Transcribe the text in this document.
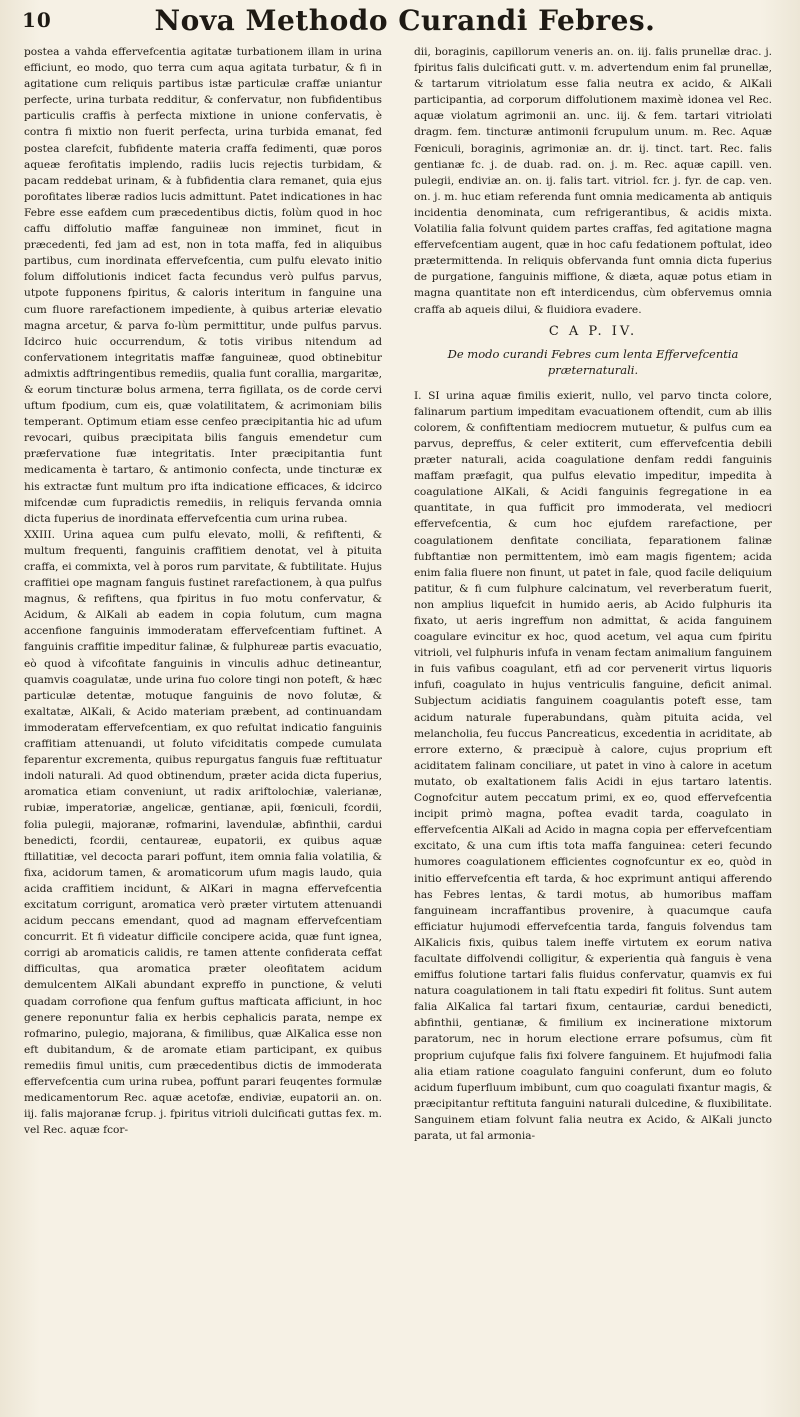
10	Nova Methodo Curandi Febres.

postea a vahda effervefcentia agitatæ turbationem illam in urina efficiunt, eo modo, quo terra cum aqua agitata turbatur, & fi in agitatione cum reliquis partibus istæ particulæ craffæ uniantur perfecte, urina turbata redditur, & confervatur, non fubfidentibus particulis craffis à perfecta mixtione in unione confervatis, è contra fi mixtio non fuerit perfecta, urina turbida emanat, fed postea clarefcit, fubfidente materia craffa fedimenti, quæ poros aqueæ ferofitatis implendo, radiis lucis rejectis turbidam, & pacam reddebat urinam, & à fubfidentia clara remanet, quia ejus porofitates liberæ radios lucis admittunt. Patet indicationes in hac Febre esse eafdem cum præcedentibus dictis, folùm quod in hoc caffu diffolutio maffæ fanguineæ non imminet, ficut in præcedenti, fed jam ad est, non in tota maffa, fed in aliquibus partibus, cum inordinata effervefcentia, cum pulfu elevato initio folum diffolutionis indicet facta fecundus verò pulfus parvus, utpote fupponens fpiritus, & caloris interitum in fanguine una cum fluore rarefactionem impediente, à quibus arteriæ elevatio magna arcetur, & parva fo-lùm permittitur, unde pulfus parvus. Idcirco huic occurrendum, & totis viribus nitendum ad confervationem integritatis maffæ fanguineæ, quod obtinebitur admixtis adftringentibus remediis, qualia funt corallia, margaritæ, & eorum tincturæ bolus armena, terra figillata, os de corde cervi uftum fpodium, cum eis, quæ volatilitatem, & acrimoniam bilis temperant. Optimum etiam esse cenfeo præcipitantia hic ad ufum revocari, quibus præcipitata bilis fanguis emendetur cum præfervatione fuæ integritatis. Inter præcipitantia funt medicamenta è tartaro, & antimonio confecta, unde tincturæ ex his extractæ funt multum pro ifta indicatione efficaces, & idcirco mifcendæ cum fupradictis remediis, in reliquis fervanda omnia dicta fuperius de inordinata effervefcentia cum urina rubea.

XXIII. Urina aquea cum pulfu elevato, molli, & refiftenti, & multum frequenti, fanguinis craffitiem denotat, vel à pituita craffa, ei commixta, vel à poros rum parvitate, & fubtilitate. Hujus craffitiei ope magnam fanguis fustinet rarefactionem, à qua pulfus magnus, & refiftens, qua fpiritus in fuo motu confervatur, & Acidum, & AlKali ab eadem in copia folutum, cum magna accenfione fanguinis immoderatam effervefcentiam fuftinet. A fanguinis craffitie impeditur falinæ, & fulphureæ partis evacuatio, eò quod à vifcofitate fanguinis in vinculis adhuc detineantur, quamvis coagulatæ, unde urina fuo colore tingi non poteft, & hæc particulæ detentæ, motuque fanguinis de novo folutæ, & exaltatæ, AlKali, & Acido materiam præbent, ad continuandam immoderatam effervefcentiam, ex quo refultat indicatio fanguinis craffitiam attenuandi, ut foluto vifciditatis compede cumulata feparentur excrementa, quibus repurgatus fanguis fuæ reftituatur indoli naturali. Ad quod obtinendum, præter acida dicta fuperius, aromatica etiam conveniunt, ut radix ariftolochiæ, valerianæ, rubiæ, imperatoriæ, angelicæ, gentianæ, apii, fœniculi, fcordii, folia pulegii, majoranæ, rofmarini, lavendulæ, abfinthii, cardui benedicti, fcordii, centaureæ, eupatorii, ex quibus aquæ ftillatitiæ, vel decocta parari poffunt, item omnia falia volatilia, & fixa, acidorum tamen, & aromaticorum ufum magis laudo, quia acida craffitiem incidunt, & AlKari in magna effervefcentia excitatum corrigunt, aromatica verò præter virtutem attenuandi acidum peccans emendant, quod ad magnam effervefcentiam concurrit. Et fi videatur difficile concipere acida, quæ funt ignea, corrigi ab aromaticis calidis, re tamen attente confiderata ceffat difficultas, qua aromatica præter oleofitatem acidum demulcentem AlKali abundant expreffo in punctione, & veluti quadam corrofione qua fenfum guftus mafticata afficiunt, in hoc genere reponuntur falia ex herbis cephalicis parata, nempe ex rofmarino, pulegio, majorana, & fimilibus, quæ AlKalica esse non eft dubitandum, & de aromate etiam participant, ex quibus remediis fimul unitis, cum præcedentibus dictis de immoderata effervefcentia cum urina rubea, poffunt parari feuqentes formulæ medicamentorum Rec. aquæ acetofæ, endiviæ, eupatorii an. on. iij. falis majoranæ fcrup. j. fpiritus vitrioli dulcificati guttas fex. m. vel Rec. aquæ fcor-

dii, boraginis, capillorum veneris an. on. iij. falis prunellæ drac. j. fpiritus falis dulcificati gutt. v. m. advertendum enim fal prunellæ, & tartarum vitriolatum esse falia neutra ex acido, & AlKali participantia, ad corporum diffolutionem maximè idonea vel Rec. aquæ violatum agrimonii an. unc. iij. & fem. tartari vitriolati dragm. fem. tincturæ antimonii fcrupulum unum. m. Rec. Aquæ Fœniculi, boraginis, agrimoniæ an. dr. ij. tinct. tart. Rec. falis gentianæ fc. j. de duab. rad. on. j. m. Rec. aquæ capill. ven. pulegii, endiviæ an. on. ij. falis tart. vitriol. fcr. j. fyr. de cap. ven. on. j. m. huc etiam referenda funt omnia medicamenta ab antiquis incidentia denominata, cum refrigerantibus, & acidis mixta. Volatilia falia folvunt quidem partes craffas, fed agitatione magna effervefcentiam augent, quæ in hoc cafu fedationem poftulat, ideo prætermittenda. In reliquis obfervanda funt omnia dicta fuperius de purgatione, fanguinis miffione, & diæta, aquæ potus etiam in magna quantitate non eft interdicendus, cùm obfervemus omnia craffa ab aqueis dilui, & fluidiora evadere.

C A P. IV.

De modo curandi Febres cum lenta Effervefcentia præternaturali.

I. SI urina aquæ fimilis exierit, nullo, vel parvo tincta colore, falinarum partium impeditam evacuationem oftendit, cum ab illis colorem, & confiftentiam mediocrem mutuetur, & pulfus cum ea parvus, depreffus, & celer extiterit, cum effervefcentia debili præter naturali, acida coagulatione denfam reddi fanguinis maffam præfagit, qua pulfus elevatio impeditur, impedita à coagulatione AlKali, & Acidi fanguinis fegregatione in ea quantitate, in qua fufficit pro immoderata, vel mediocri effervefcentia, & cum hoc ejufdem rarefactione, per coagulationem denfitate conciliata, feparationem falinæ fubftantiæ non permittentem, imò eam magis figentem; acida enim falia fluere non finunt, ut patet in fale, quod facile deliquium patitur, & fi cum fulphure calcinatum, vel reverberatum fuerit, non amplius liquefcit in humido aeris, ab Acido fulphuris ita fixato, ut aeris ingreffum non admittat, & acida fanguinem coagulare evincitur ex hoc, quod acetum, vel aqua cum fpiritu vitrioli, vel fulphuris infufa in venam fectam animalium fanguinem in fuis vafibus coagulant, etfi ad cor pervenerit virtus liquoris infufi, coagulato in hujus ventriculis fanguine, deficit animal. Subjectum acidiatis fanguinem coagulantis poteft esse, tam acidum naturale fuperabundans, quàm pituita acida, vel melancholia, feu fuccus Pancreaticus, excedentia in acriditate, ab errore externo, & præcipuè à calore, cujus proprium eft aciditatem falinam conciliare, ut patet in vino à calore in acetum mutato, ob exaltationem falis Acidi in ejus tartaro latentis. Cognofcitur autem peccatum primi, ex eo, quod effervefcentia incipit primò magna, poftea evadit tarda, coagulato in effervefcentia AlKali ad Acido in magna copia per effervefcentiam excitato, & una cum iftis tota maffa fanguinea: ceteri fecundo humores coagulationem efficientes cognofcuntur ex eo, quòd in initio effervefcentia eft tarda, & hoc exprimunt antiqui afferendo has Febres lentas, & tardi motus, ab humoribus maffam fanguineam incraffantibus provenire, à quacumque caufa efficiatur hujumodi effervefcentia tarda, fanguis folvendus tam AlKalicis fixis, quibus talem ineffe virtutem ex eorum nativa facultate diffolvendi colligitur, & experientia quà fanguis è vena emiffus folutione tartari falis fluidus confervatur, quamvis ex fui natura coagulationem in tali ftatu expediri fit folitus. Sunt autem falia AlKalica fal tartari fixum, centauriæ, cardui benedicti, abfinthii, gentianæ, & fimilium ex incineratione mixtorum paratorum, nec in horum electione errare pofsumus, cùm fit proprium cujufque falis fixi folvere fanguinem. Et hujufmodi falia alia etiam ratione coagulato fanguini conferunt, dum eo foluto acidum fuperfluum imbibunt, cum quo coagulati fixantur magis, & præcipitantur reftituta fanguini naturali dulcedine, & fluxibilitate. Sanguinem etiam folvunt falia neutra ex Acido, & AlKali juncto parata, ut fal armonia-
